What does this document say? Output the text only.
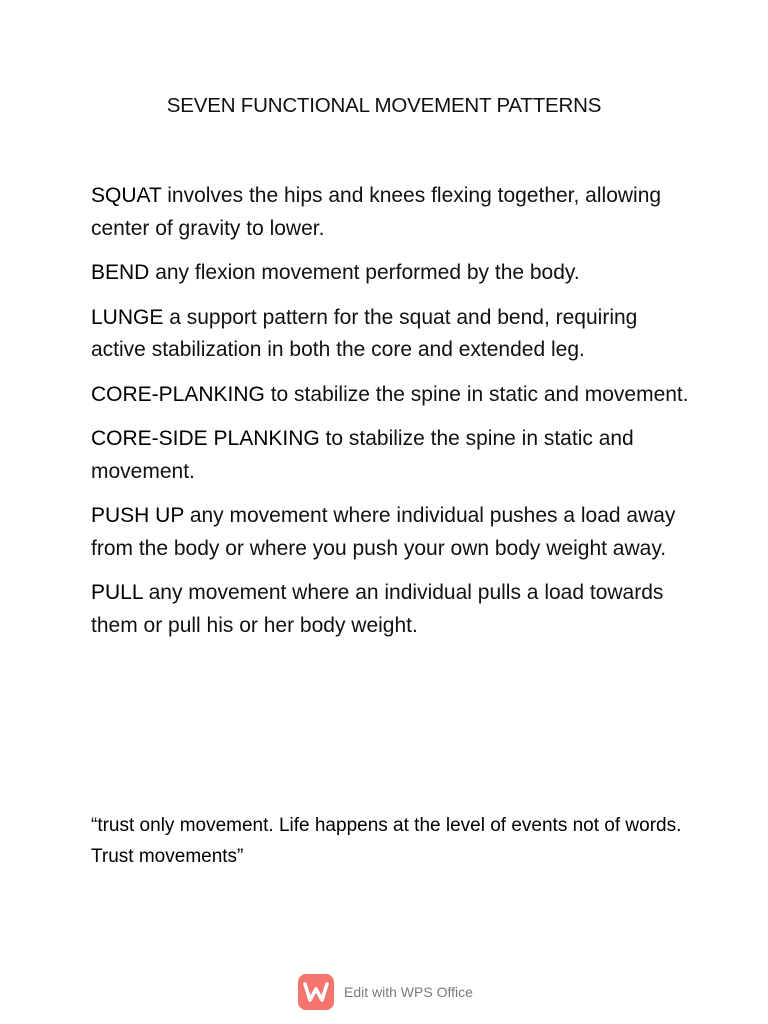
SEVEN FUNCTIONAL MOVEMENT PATTERNS

SQUAT involves the hips and knees flexing together, allowing center of gravity to lower.

BEND any flexion movement performed by the body.

LUNGE a support pattern for the squat and bend, requiring active stabilization in both the core and extended leg.

CORE-PLANKING to stabilize the spine in static and movement.

CORE-SIDE PLANKING to stabilize the spine in static and movement.

PUSH UP any movement where individual pushes a load away from the body or where you push your own body weight away.

PULL any movement where an individual pulls a load towards them or pull his or her body weight.

“trust only movement. Life happens at the level of events not of words. Trust movements”
Edit with WPS Office
